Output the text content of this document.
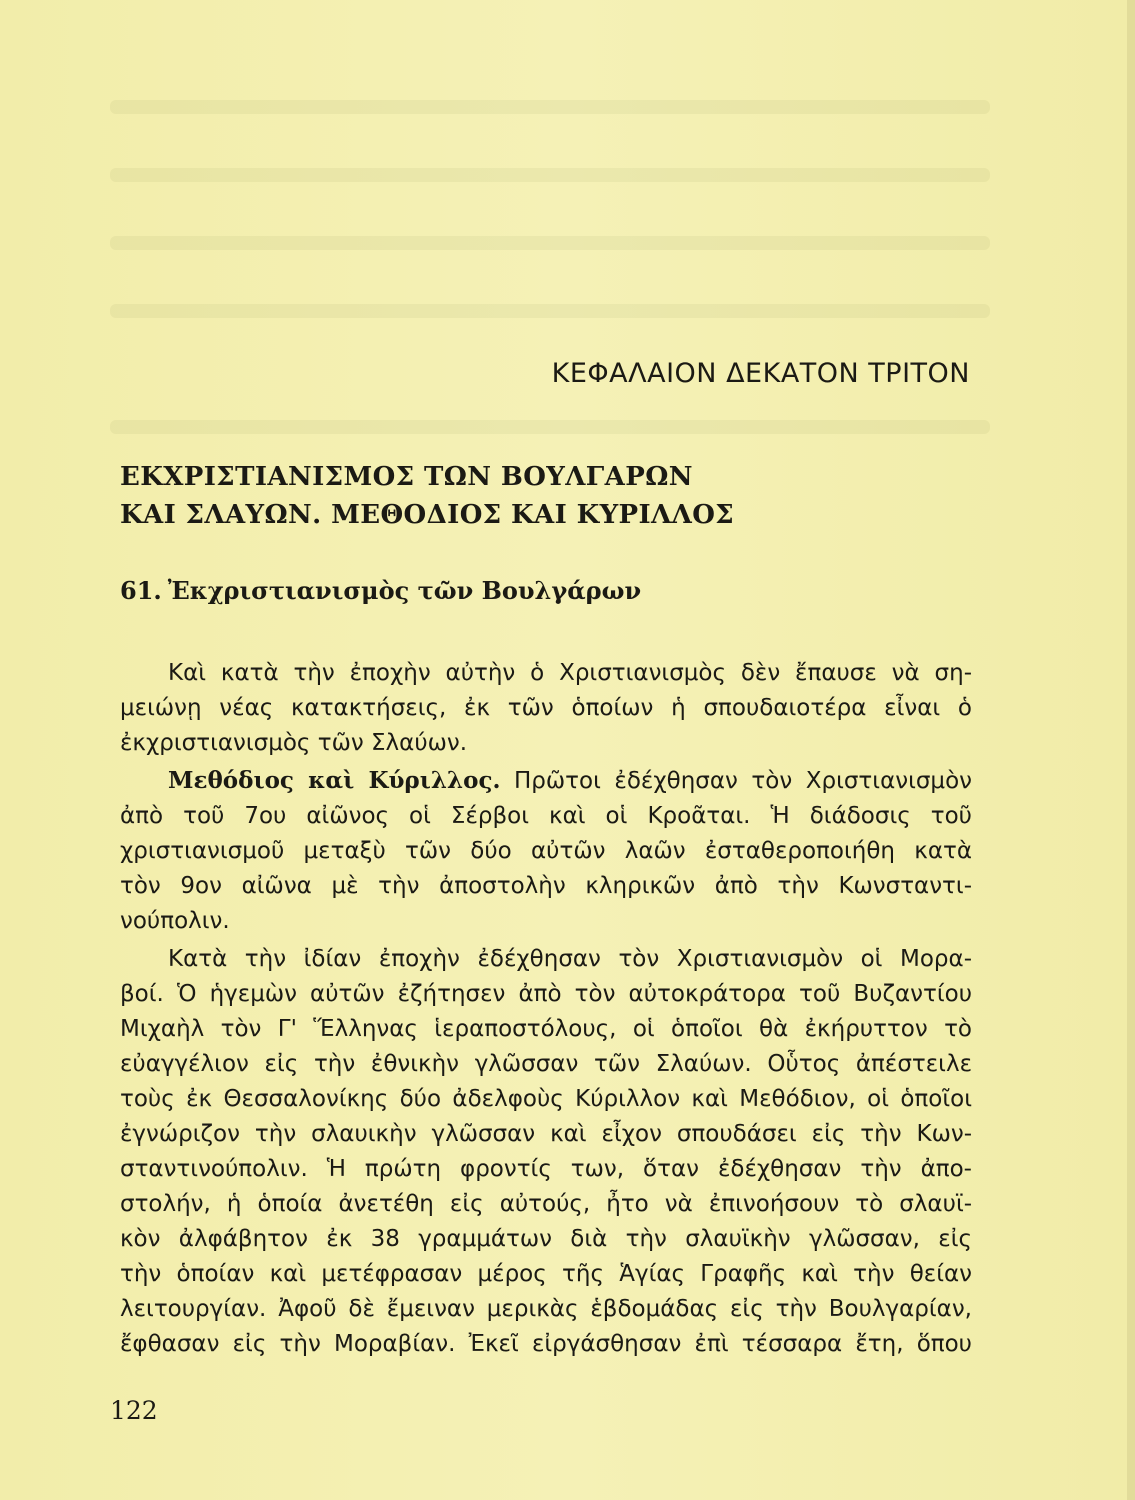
ΚΕΦΑΛΑΙΟΝ ΔΕΚΑΤΟΝ ΤΡΙΤΟΝ
ΕΚΧΡΙΣΤΙΑΝΙΣΜΟΣ ΤΩΝ ΒΟΥΛΓΑΡΩΝ
ΚΑΙ ΣΛΑΥΩΝ. ΜΕΘΟΔΙΟΣ ΚΑΙ ΚΥΡΙΛΛΟΣ
61. Ἐκχριστιανισμὸς τῶν Βουλγάρων
Καὶ κατὰ τὴν ἐποχὴν αὐτὴν ὁ Χριστιανισμὸς δὲν ἔπαυσε νὰ ση-
μειώνῃ νέας κατακτήσεις, ἐκ τῶν ὁποίων ἡ σπουδαιοτέρα εἶναι ὁ
ἐκχριστιανισμὸς τῶν Σλαύων.
Μεθόδιος καὶ Κύριλλος. Πρῶτοι ἐδέχθησαν τὸν Χριστιανισμὸν
ἀπὸ τοῦ 7ου αἰῶνος οἱ Σέρβοι καὶ οἱ Κροᾶται. Ἡ διάδοσις τοῦ
χριστιανισμοῦ μεταξὺ τῶν δύο αὐτῶν λαῶν ἐσταθεροποιήθη κατὰ
τὸν 9ον αἰῶνα μὲ τὴν ἀποστολὴν κληρικῶν ἀπὸ τὴν Κωνσταντι-
νούπολιν.
Κατὰ τὴν ἰδίαν ἐποχὴν ἐδέχθησαν τὸν Χριστιανισμὸν οἱ Μορα-
βοί. Ὁ ἡγεμὼν αὐτῶν ἐζήτησεν ἀπὸ τὸν αὐτοκράτορα τοῦ Βυζαντίου
Μιχαὴλ τὸν Γ' Ἕλληνας ἱεραποστόλους, οἱ ὁποῖοι θὰ ἐκήρυττον τὸ
εὐαγγέλιον εἰς τὴν ἐθνικὴν γλῶσσαν τῶν Σλαύων. Οὗτος ἀπέστειλε
τοὺς ἐκ Θεσσαλονίκης δύο ἀδελφοὺς Κύριλλον καὶ Μεθόδιον, οἱ ὁποῖοι
ἐγνώριζον τὴν σλαυικὴν γλῶσσαν καὶ εἶχον σπουδάσει εἰς τὴν Κων-
σταντινούπολιν. Ἡ πρώτη φροντίς των, ὅταν ἐδέχθησαν τὴν ἀπο-
στολήν, ἡ ὁποία ἀνετέθη εἰς αὐτούς, ἦτο νὰ ἐπινοήσουν τὸ σλαυϊ-
κὸν ἀλφάβητον ἐκ 38 γραμμάτων διὰ τὴν σλαυϊκὴν γλῶσσαν, εἰς
τὴν ὁποίαν καὶ μετέφρασαν μέρος τῆς Ἁγίας Γραφῆς καὶ τὴν θείαν
λειτουργίαν. Ἀφοῦ δὲ ἔμειναν μερικὰς ἑβδομάδας εἰς τὴν Βουλγαρίαν,
ἔφθασαν εἰς τὴν Μοραβίαν. Ἐκεῖ εἰργάσθησαν ἐπὶ τέσσαρα ἔτη, ὅπου
122
